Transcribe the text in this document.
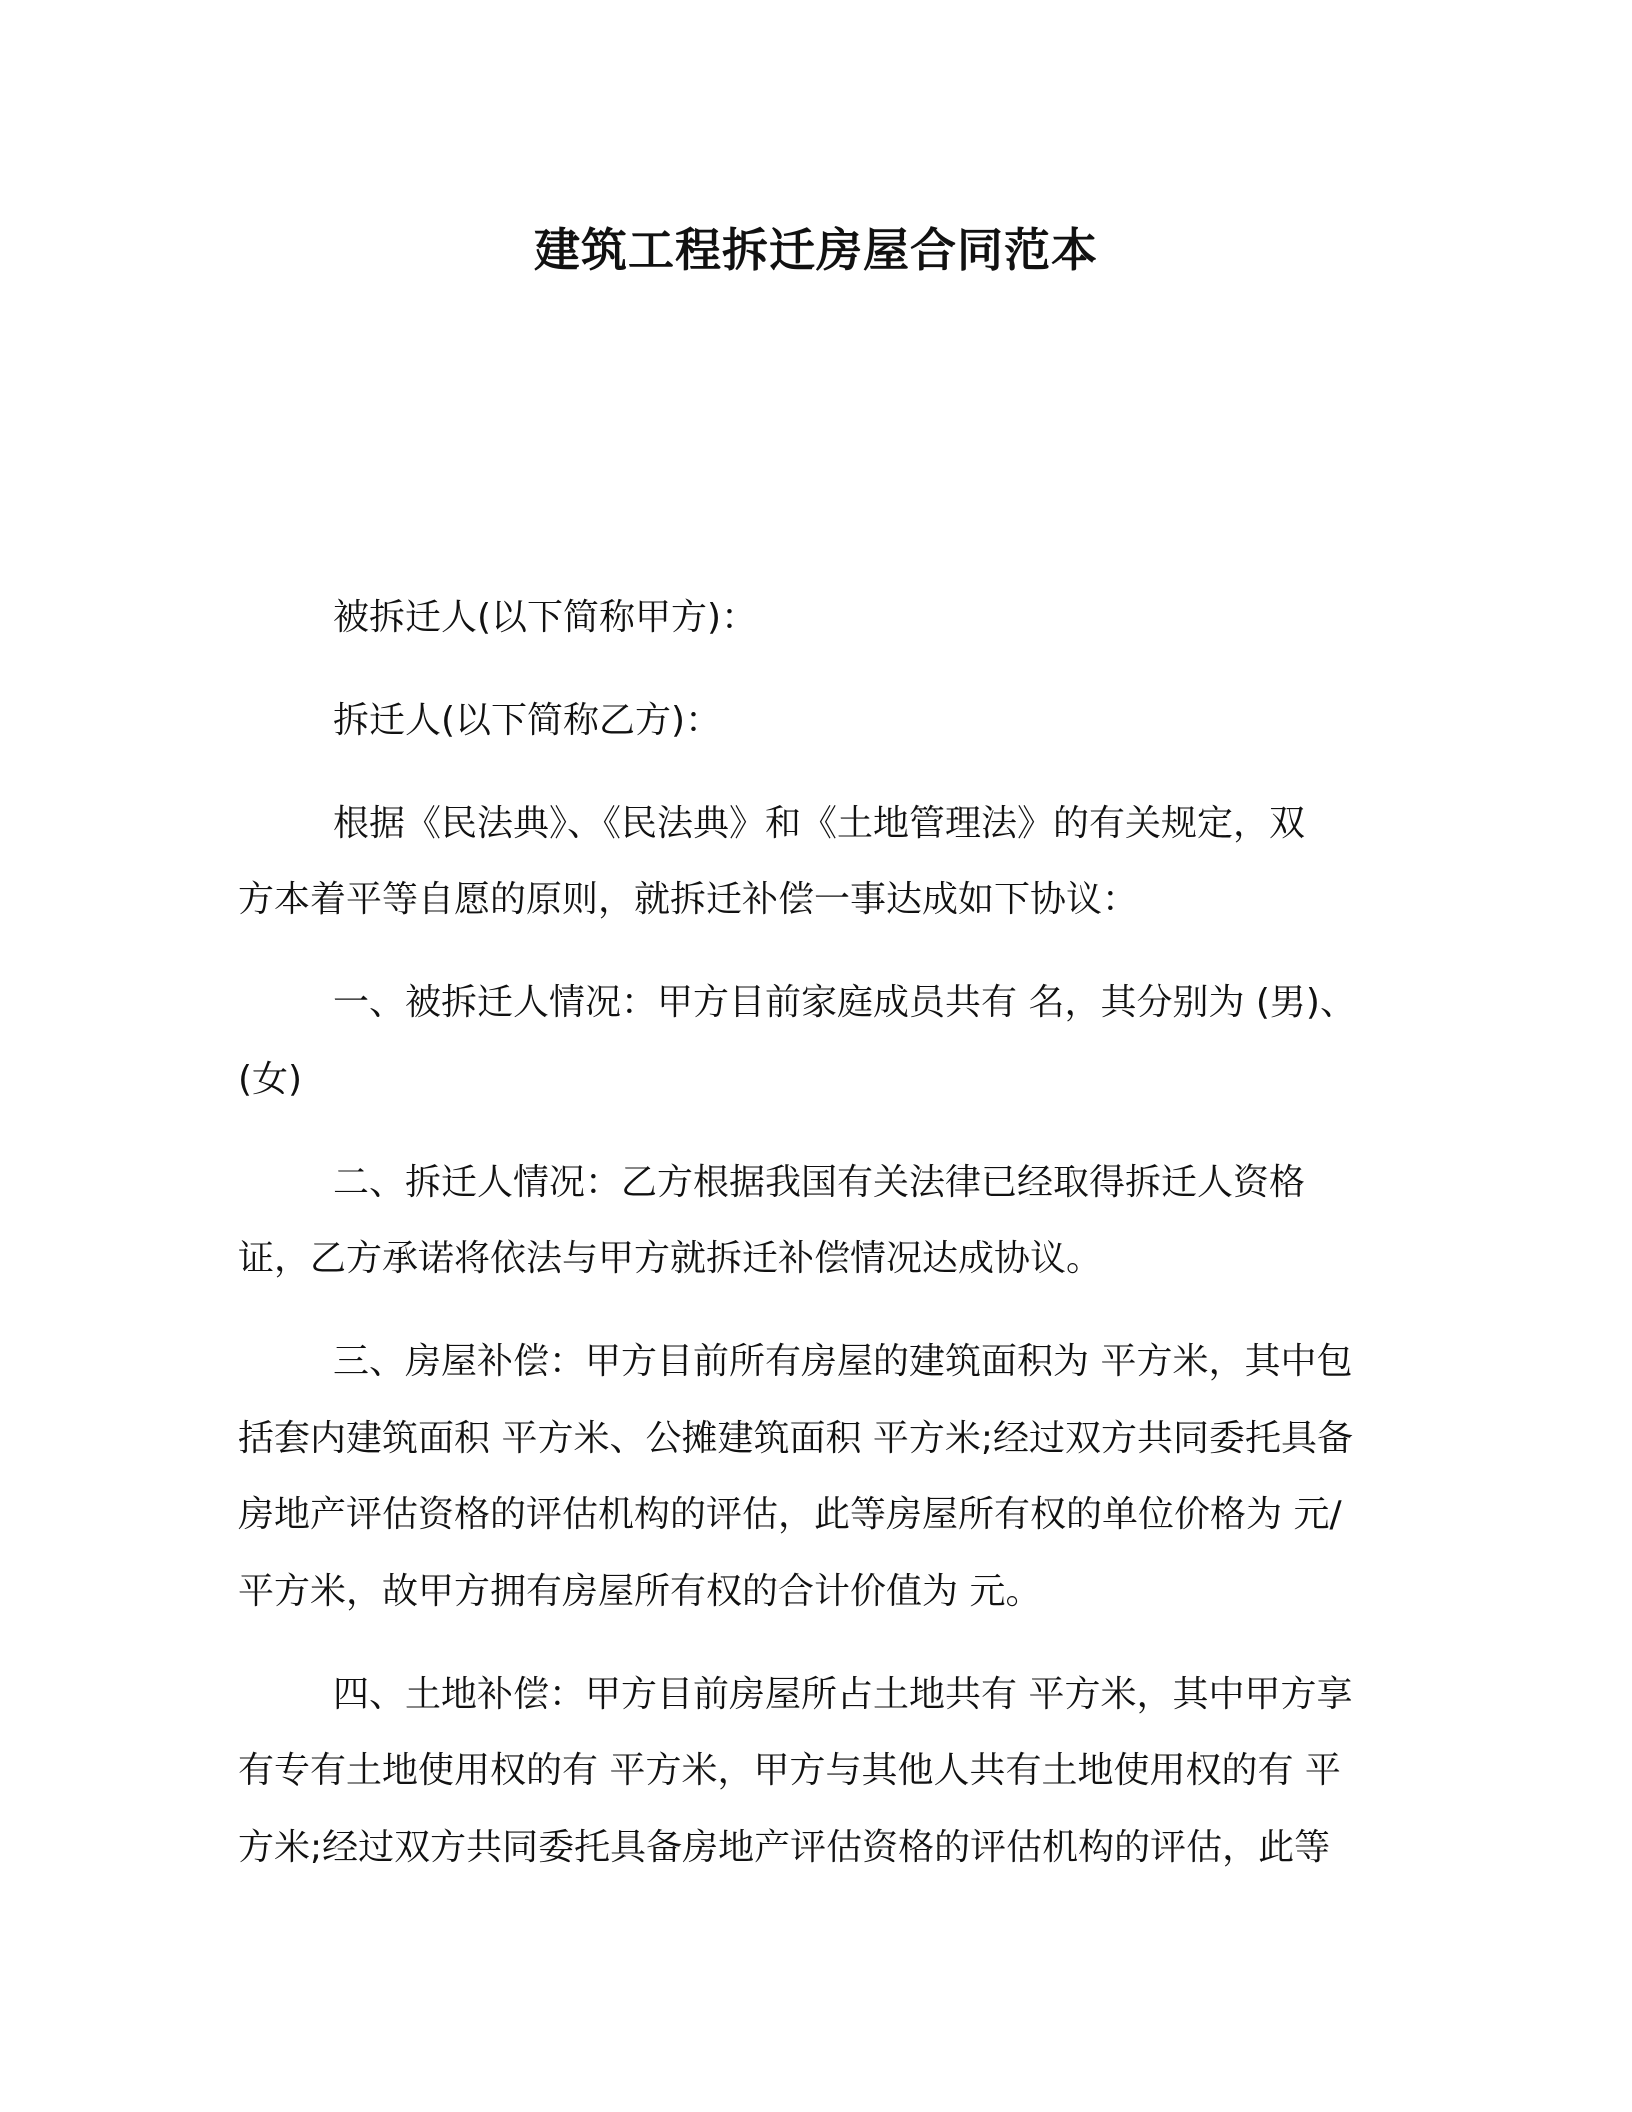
建筑工程拆迁房屋合同范本
被拆迁人(以下简称甲方)：
拆迁人(以下简称乙方)：
根据《民法典》、《民法典》和《土地管理法》的有关规定，双
方本着平等自愿的原则，就拆迁补偿一事达成如下协议：
一、被拆迁人情况：甲方目前家庭成员共有 名，其分别为 (男)、
(女)
二、拆迁人情况：乙方根据我国有关法律已经取得拆迁人资格
证，乙方承诺将依法与甲方就拆迁补偿情况达成协议。
三、房屋补偿：甲方目前所有房屋的建筑面积为 平方米，其中包
括套内建筑面积 平方米、公摊建筑面积 平方米;经过双方共同委托具备
房地产评估资格的评估机构的评估，此等房屋所有权的单位价格为 元/
平方米，故甲方拥有房屋所有权的合计价值为 元。
四、土地补偿：甲方目前房屋所占土地共有 平方米，其中甲方享
有专有土地使用权的有 平方米，甲方与其他人共有土地使用权的有 平
方米;经过双方共同委托具备房地产评估资格的评估机构的评估，此等
